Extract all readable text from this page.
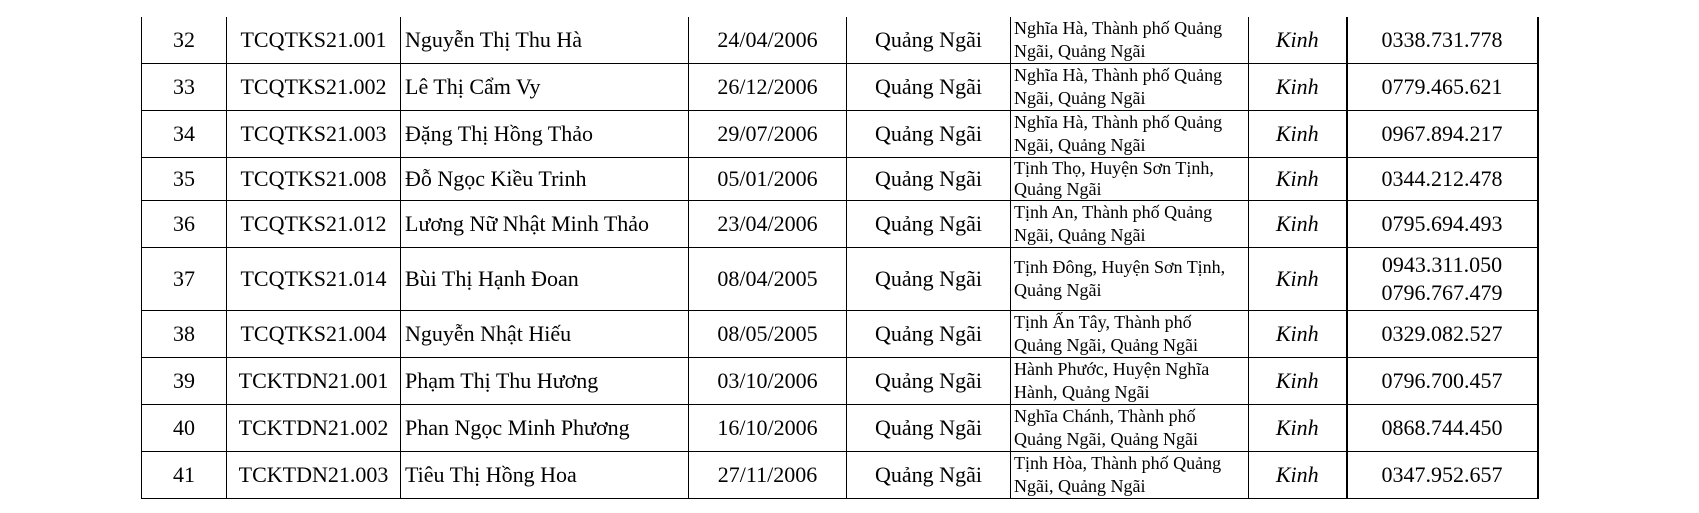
32	TCQTKS21.001	Nguyễn Thị Thu Hà	24/04/2006	Quảng Ngãi	Nghĩa Hà, Thành phố Quảng
Ngãi, Quảng Ngãi	Kinh	0338.731.778

33	TCQTKS21.002	Lê Thị Cẩm Vy	26/12/2006	Quảng Ngãi	Nghĩa Hà, Thành phố Quảng
Ngãi, Quảng Ngãi	Kinh	0779.465.621

34	TCQTKS21.003	Đặng Thị Hồng Thảo	29/07/2006	Quảng Ngãi	Nghĩa Hà, Thành phố Quảng
Ngãi, Quảng Ngãi	Kinh	0967.894.217

35	TCQTKS21.008	Đỗ Ngọc Kiều Trinh	05/01/2006	Quảng Ngãi	Tịnh Thọ, Huyện Sơn Tịnh,
Quảng Ngãi	Kinh	0344.212.478

36	TCQTKS21.012	Lương Nữ Nhật Minh Thảo	23/04/2006	Quảng Ngãi	Tịnh An, Thành phố Quảng
Ngãi, Quảng Ngãi	Kinh	0795.694.493

37	TCQTKS21.014	Bùi Thị Hạnh Đoan	08/04/2005	Quảng Ngãi	Tịnh Đông, Huyện Sơn Tịnh,
Quảng Ngãi	Kinh	0943.311.050
0796.767.479

38	TCQTKS21.004	Nguyễn Nhật Hiếu	08/05/2005	Quảng Ngãi	Tịnh Ấn Tây, Thành phố
Quảng Ngãi, Quảng Ngãi	Kinh	0329.082.527

39	TCKTDN21.001	Phạm Thị Thu Hương	03/10/2006	Quảng Ngãi	Hành Phước, Huyện Nghĩa
Hành, Quảng Ngãi	Kinh	0796.700.457

40	TCKTDN21.002	Phan Ngọc Minh Phương	16/10/2006	Quảng Ngãi	Nghĩa Chánh, Thành phố
Quảng Ngãi, Quảng Ngãi	Kinh	0868.744.450

41	TCKTDN21.003	Tiêu Thị Hồng Hoa	27/11/2006	Quảng Ngãi	Tịnh Hòa, Thành phố Quảng
Ngãi, Quảng Ngãi	Kinh	0347.952.657
